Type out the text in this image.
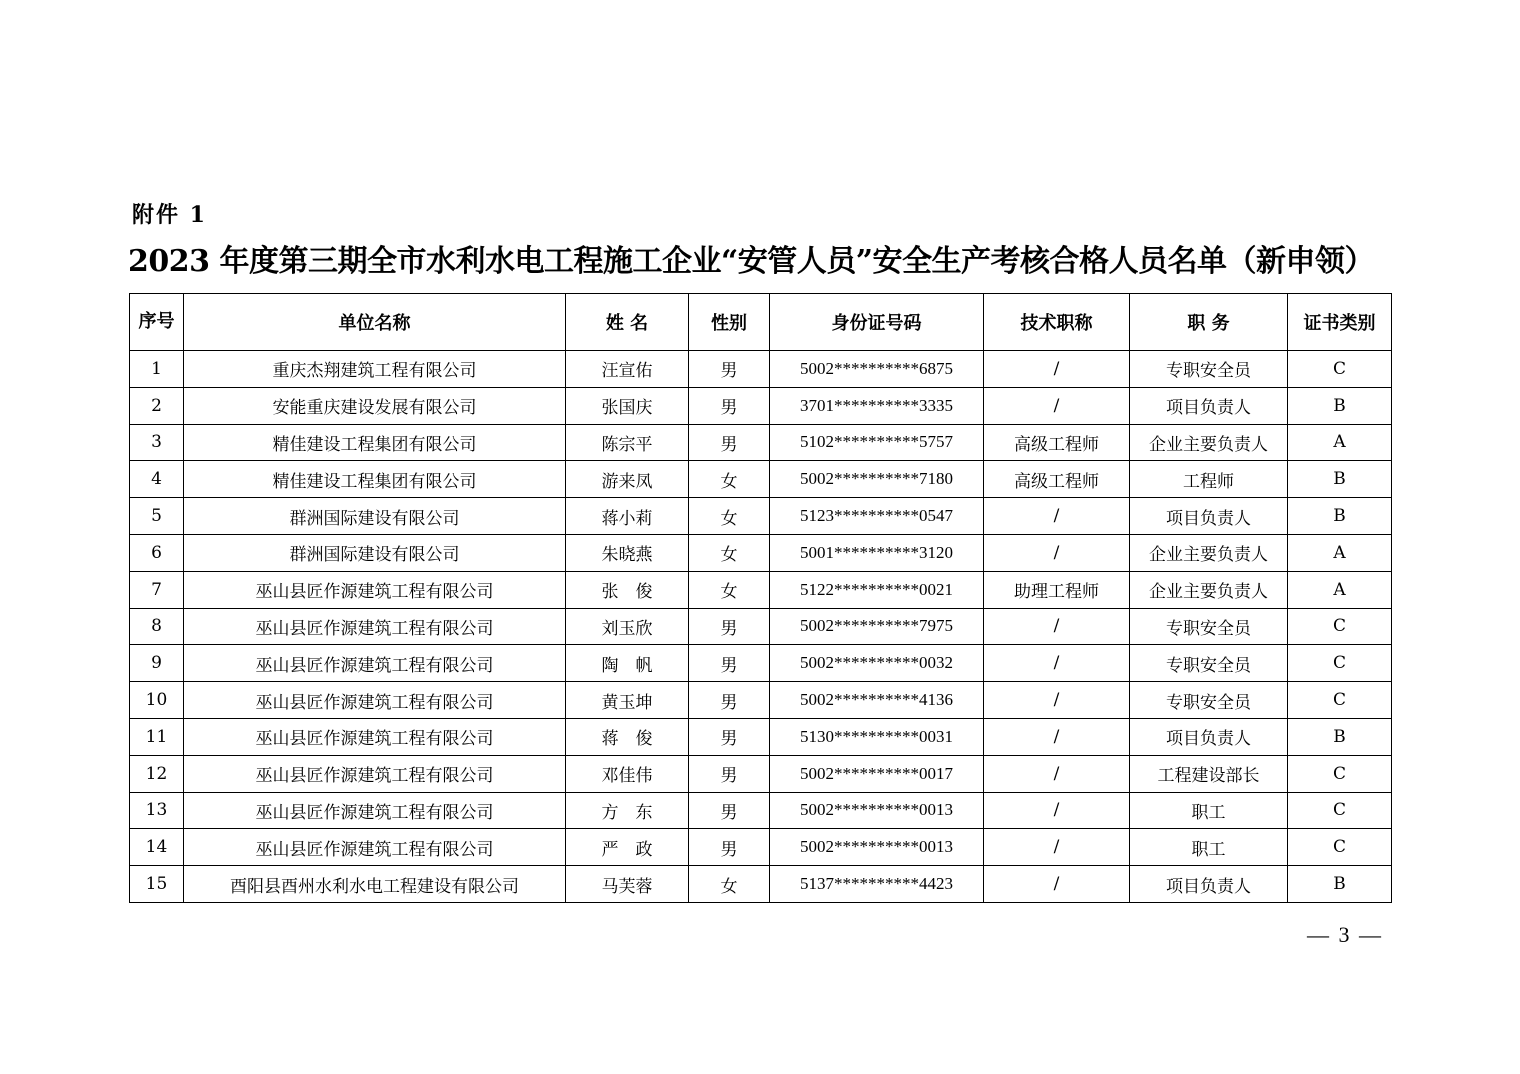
附件 1
2023 年度第三期全市水利水电工程施工企业“安管人员”安全生产考核合格人员名单（新申领）
序号	单位名称	姓 名	性别	身份证号码	技术职称	职 务	证书类别
1	重庆杰翔建筑工程有限公司	汪宣佑	男	5002**********6875	/	专职安全员	C
2	安能重庆建设发展有限公司	张国庆	男	3701**********3335	/	项目负责人	B
3	精佳建设工程集团有限公司	陈宗平	男	5102**********5757	高级工程师	企业主要负责人	A
4	精佳建设工程集团有限公司	游来凤	女	5002**********7180	高级工程师	工程师	B
5	群洲国际建设有限公司	蒋小莉	女	5123**********0547	/	项目负责人	B
6	群洲国际建设有限公司	朱晓燕	女	5001**********3120	/	企业主要负责人	A
7	巫山县匠作源建筑工程有限公司	张　俊	女	5122**********0021	助理工程师	企业主要负责人	A
8	巫山县匠作源建筑工程有限公司	刘玉欣	男	5002**********7975	/	专职安全员	C
9	巫山县匠作源建筑工程有限公司	陶　帆	男	5002**********0032	/	专职安全员	C
10	巫山县匠作源建筑工程有限公司	黄玉坤	男	5002**********4136	/	专职安全员	C
11	巫山县匠作源建筑工程有限公司	蒋　俊	男	5130**********0031	/	项目负责人	B
12	巫山县匠作源建筑工程有限公司	邓佳伟	男	5002**********0017	/	工程建设部长	C
13	巫山县匠作源建筑工程有限公司	方　东	男	5002**********0013	/	职工	C
14	巫山县匠作源建筑工程有限公司	严　政	男	5002**********0013	/	职工	C
15	酉阳县酉州水利水电工程建设有限公司	马芙蓉	女	5137**********4423	/	项目负责人	B
— 3 —
